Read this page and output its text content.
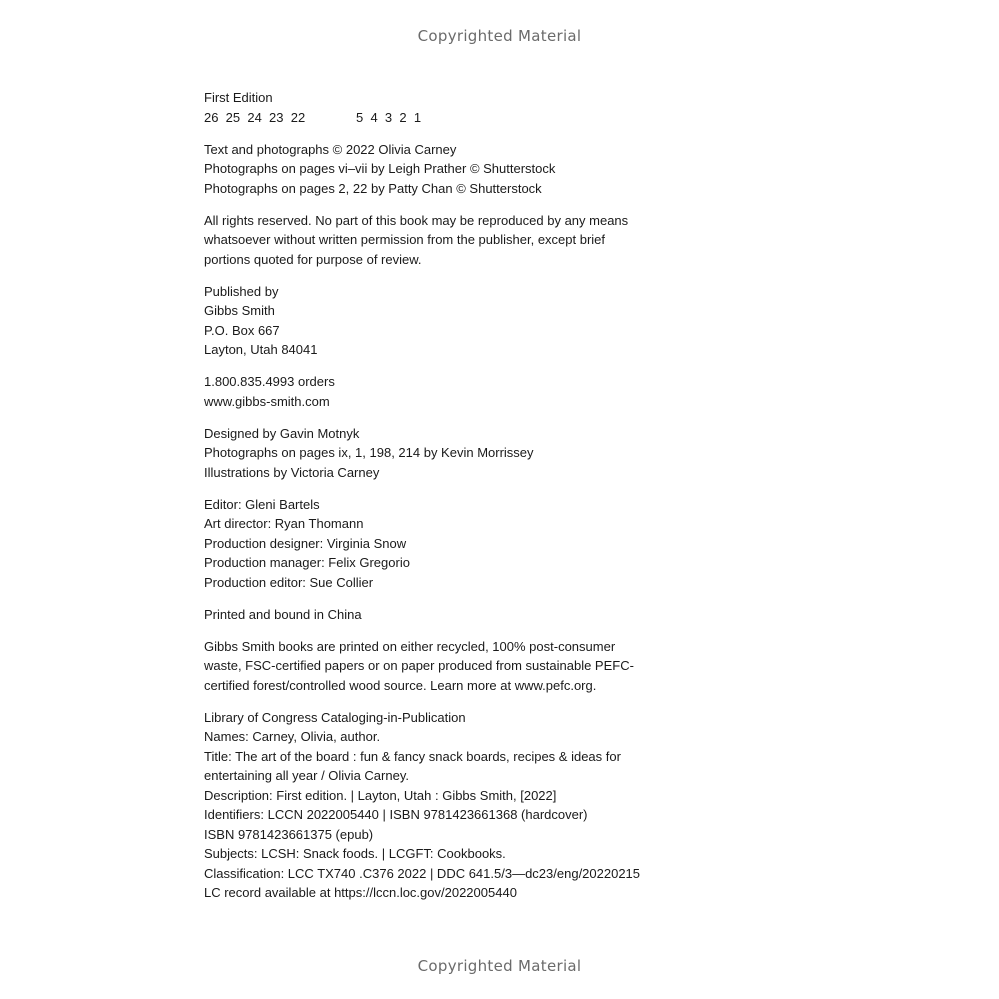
Copyrighted Material
First Edition
26  25  24  23  22	5  4  3  2  1
Text and photographs © 2022 Olivia Carney
Photographs on pages vi–vii by Leigh Prather © Shutterstock
Photographs on pages 2, 22 by Patty Chan © Shutterstock
All rights reserved. No part of this book may be reproduced by any means
whatsoever without written permission from the publisher, except brief
portions quoted for purpose of review.
Published by
Gibbs Smith
P.O. Box 667
Layton, Utah 84041
1.800.835.4993 orders
www.gibbs-smith.com
Designed by Gavin Motnyk
Photographs on pages ix, 1, 198, 214 by Kevin Morrissey
Illustrations by Victoria Carney
Editor: Gleni Bartels
Art director: Ryan Thomann
Production designer: Virginia Snow
Production manager: Felix Gregorio
Production editor: Sue Collier
Printed and bound in China
Gibbs Smith books are printed on either recycled, 100% post-consumer
waste, FSC-certified papers or on paper produced from sustainable PEFC-
certified forest/controlled wood source. Learn more at www.pefc.org.
Library of Congress Cataloging-in-Publication
Names: Carney, Olivia, author.
Title: The art of the board : fun & fancy snack boards, recipes & ideas for
entertaining all year / Olivia Carney.
Description: First edition. | Layton, Utah : Gibbs Smith, [2022]
Identifiers: LCCN 2022005440 | ISBN 9781423661368 (hardcover)
ISBN 9781423661375 (epub)
Subjects: LCSH: Snack foods. | LCGFT: Cookbooks.
Classification: LCC TX740 .C376 2022 | DDC 641.5/3—dc23/eng/20220215
LC record available at https://lccn.loc.gov/2022005440
Copyrighted Material
